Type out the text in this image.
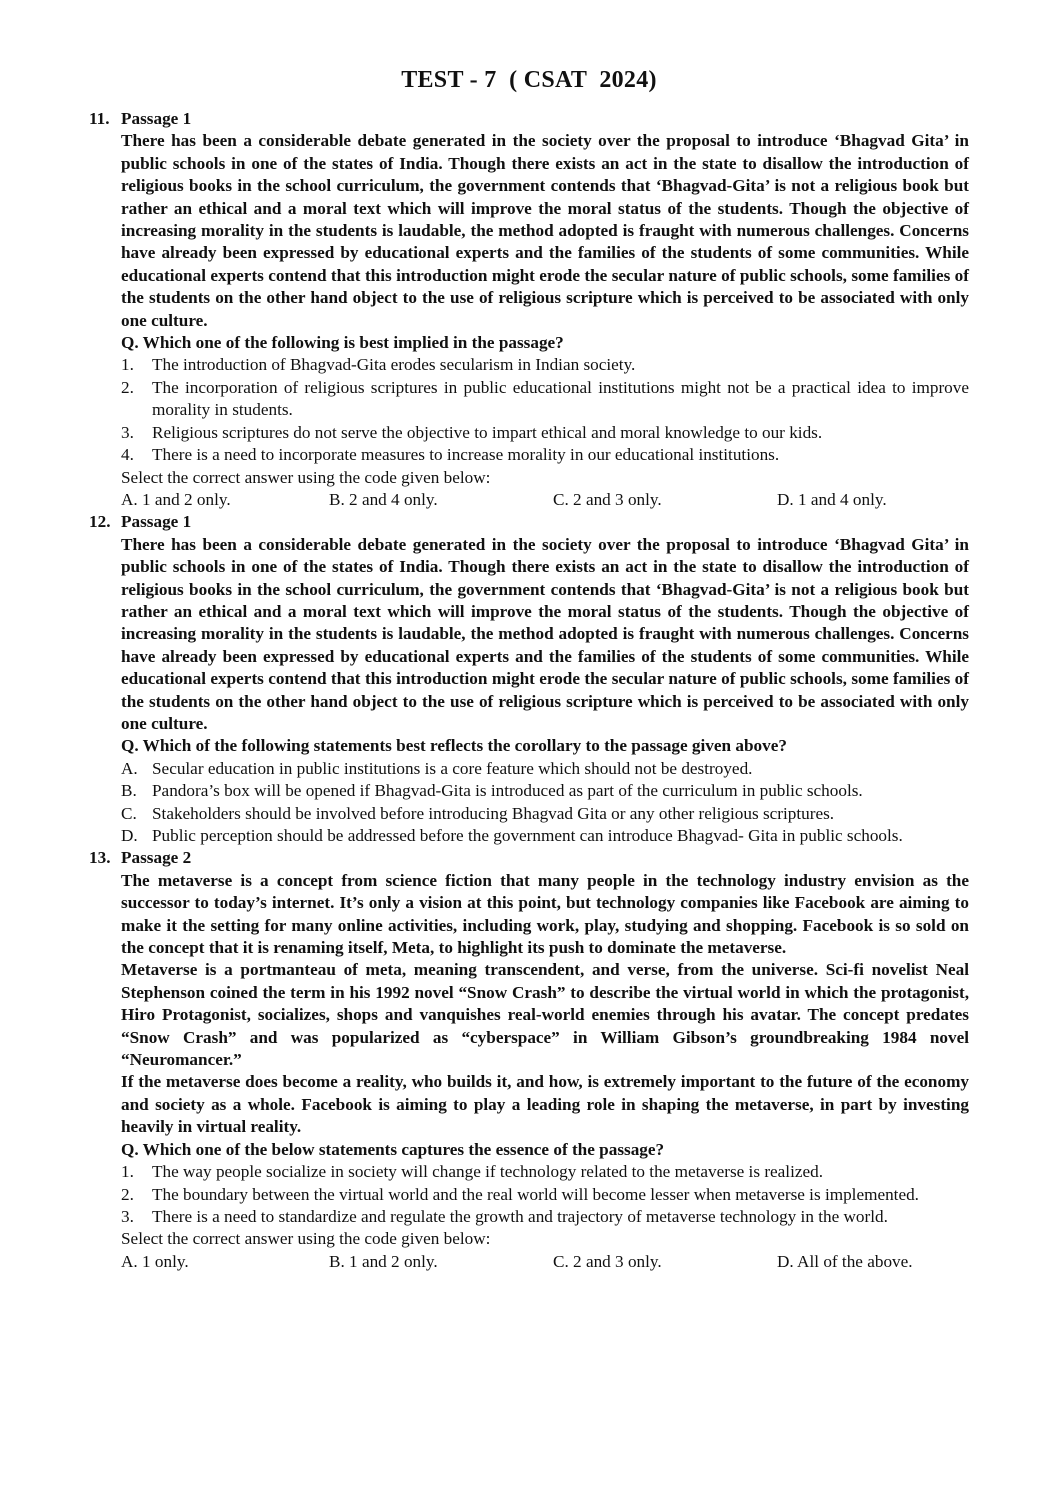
TEST - 7  ( CSAT  2024)
11. Passage 1

There has been a considerable debate generated in the society over the proposal to introduce ‘Bhagvad Gita’ in public schools in one of the states of India. Though there exists an act in the state to disallow the introduction of religious books in the school curriculum, the government contends that ‘Bhagvad-Gita’ is not a religious book but rather an ethical and a moral text which will improve the moral status of the students. Though the objective of increasing morality in the students is laudable, the method adopted is fraught with numerous challenges. Concerns have already been expressed by educational experts and the families of the students of some communities. While educational experts contend that this introduction might erode the secular nature of public schools, some families of the students on the other hand object to the use of religious scripture which is perceived to be associated with only one culture.

Q. Which one of the following is best implied in the passage?

1.	The introduction of Bhagvad-Gita erodes secularism in Indian society.
2.	The incorporation of religious scriptures in public educational institutions might not be a practical idea to improve morality in students.
3.	Religious scriptures do not serve the objective to impart ethical and moral knowledge to our kids.
4.	There is a need to incorporate measures to increase morality in our educational institutions.

Select the correct answer using the code given below:

A. 1 and 2 only.	B. 2 and 4 only.	C. 2 and 3 only.	D. 1 and 4 only.
12. Passage 1

There has been a considerable debate generated in the society over the proposal to introduce ‘Bhagvad Gita’ in public schools in one of the states of India. Though there exists an act in the state to disallow the introduction of religious books in the school curriculum, the government contends that ‘Bhagvad-Gita’ is not a religious book but rather an ethical and a moral text which will improve the moral status of the students. Though the objective of increasing morality in the students is laudable, the method adopted is fraught with numerous challenges. Concerns have already been expressed by educational experts and the families of the students of some communities. While educational experts contend that this introduction might erode the secular nature of public schools, some families of the students on the other hand object to the use of religious scripture which is perceived to be associated with only one culture.

Q. Which of the following statements best reflects the corollary to the passage given above?

A. Secular education in public institutions is a core feature which should not be destroyed.
B. Pandora’s box will be opened if Bhagvad-Gita is introduced as part of the curriculum in public schools.
C. Stakeholders should be involved before introducing Bhagvad Gita or any other religious scriptures.
D. Public perception should be addressed before the government can introduce Bhagvad- Gita in public schools.
13. Passage 2

The metaverse is a concept from science fiction that many people in the technology industry envision as the successor to today’s internet. It’s only a vision at this point, but technology companies like Facebook are aiming to make it the setting for many online activities, including work, play, studying and shopping. Facebook is so sold on the concept that it is renaming itself, Meta, to highlight its push to dominate the metaverse.

Metaverse is a portmanteau of meta, meaning transcendent, and verse, from the universe. Sci-fi novelist Neal Stephenson coined the term in his 1992 novel “Snow Crash” to describe the virtual world in which the protagonist, Hiro Protagonist, socializes, shops and vanquishes real-world enemies through his avatar. The concept predates “Snow Crash” and was popularized as “cyberspace” in William Gibson’s groundbreaking 1984 novel “Neuromancer.”

If the metaverse does become a reality, who builds it, and how, is extremely important to the future of the economy and society as a whole. Facebook is aiming to play a leading role in shaping the metaverse, in part by investing heavily in virtual reality.

Q. Which one of the below statements captures the essence of the passage?

1.	The way people socialize in society will change if technology related to the metaverse is realized.
2.	The boundary between the virtual world and the real world will become lesser when metaverse is implemented.
3.	There is a need to standardize and regulate the growth and trajectory of metaverse technology in the world.

Select the correct answer using the code given below:

A. 1 only.	B. 1 and 2 only.	C. 2 and 3 only.	D. All of the above.
